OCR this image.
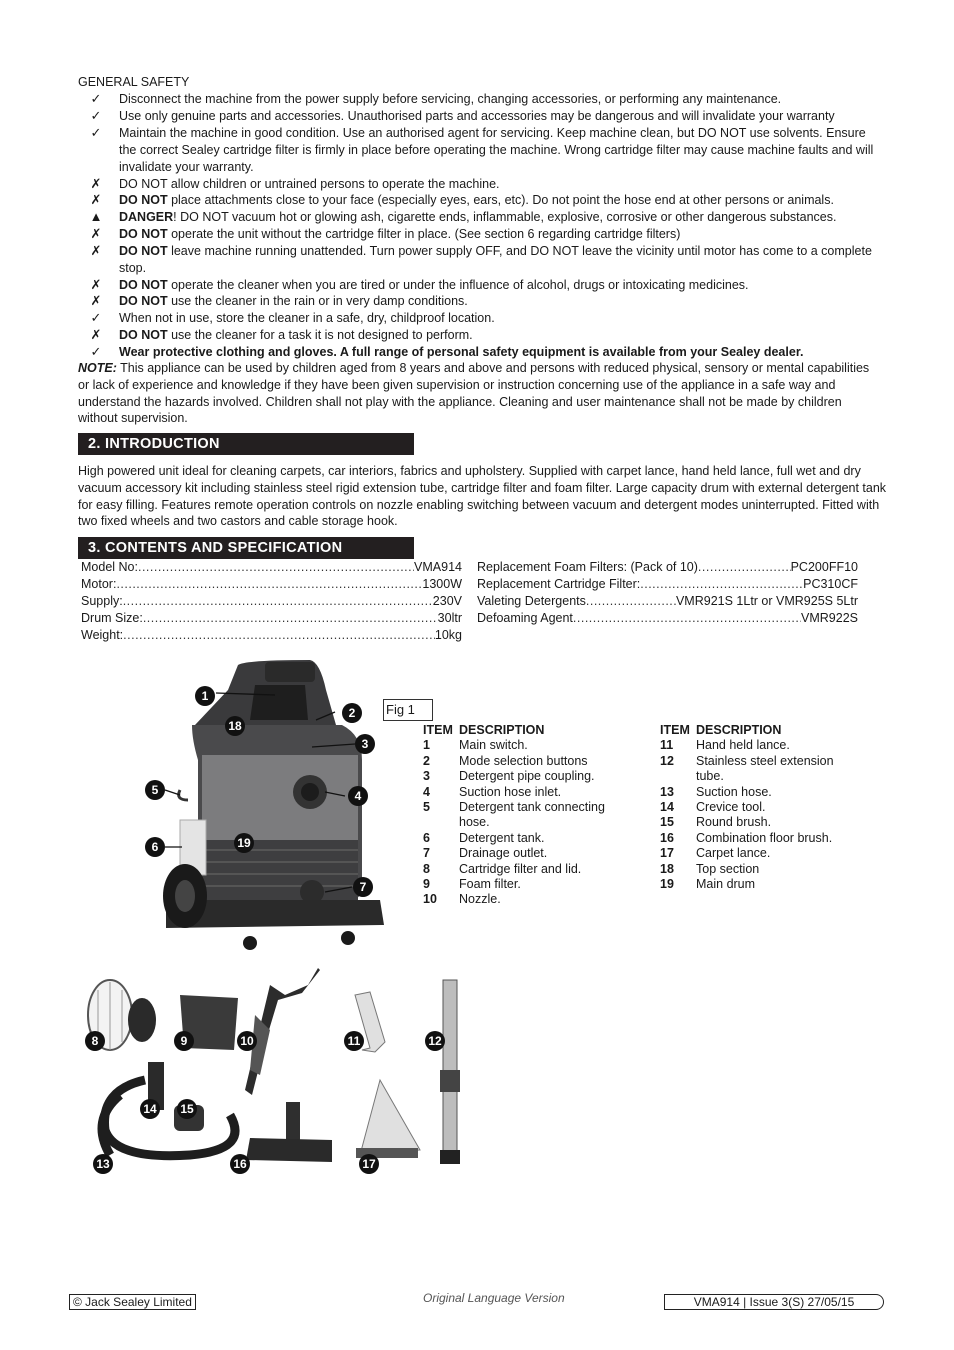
GENERAL SAFETY
✓ Disconnect the machine from the power supply before servicing, changing accessories, or performing any maintenance.
✓ Use only genuine parts and accessories. Unauthorised parts and accessories may be dangerous and will invalidate your warranty
✓ Maintain the machine in good condition. Use an authorised agent for servicing. Keep machine clean, but DO NOT use solvents. Ensure the correct Sealey cartridge filter is firmly in place before operating the machine. Wrong cartridge filter may cause machine faults and will invalidate your warranty.
✗ DO NOT allow children or untrained persons to operate the machine.
✗ DO NOT place attachments close to your face (especially eyes, ears, etc). Do not point the hose end at other persons or animals.
▲ DANGER! DO NOT vacuum hot or glowing ash, cigarette ends, inflammable, explosive, corrosive or other dangerous substances.
✗ DO NOT operate the unit without the cartridge filter in place. (See section 6 regarding cartridge filters)
✗ DO NOT leave machine running unattended. Turn power supply OFF, and DO NOT leave the vicinity until motor has come to a complete stop.
✗ DO NOT operate the cleaner when you are tired or under the influence of alcohol, drugs or intoxicating medicines.
✗ DO NOT use the cleaner in the rain or in very damp conditions.
✓ When not in use, store the cleaner in a safe, dry, childproof location.
✗ DO NOT use the cleaner for a task it is not designed to perform.
✓ Wear protective clothing and gloves. A full range of personal safety equipment is available from your Sealey dealer.
NOTE: This appliance can be used by children aged from 8 years and above and persons with reduced physical, sensory or mental capabilities or lack of experience and knowledge if they have been given supervision or instruction concerning use of the appliance in a safe way and understand the hazards involved. Children shall not play with the appliance. Cleaning and user maintenance shall not be made by children without supervision.
2. INTRODUCTION
High powered unit ideal for cleaning carpets, car interiors, fabrics and upholstery. Supplied with carpet lance, hand held lance, full wet and dry vacuum accessory kit including stainless steel rigid extension tube, cartridge filter and foam filter. Large capacity drum with external detergent tank for easy filling. Features remote operation controls on nozzle enabling switching between vacuum and detergent modes uninterrupted. Fitted with two fixed wheels and two castors and cable storage hook.
3. CONTENTS AND SPECIFICATION
Model No: .....	VMA914
Motor: .....	1300W
Supply: .....	230V
Drum Size: .....	30ltr
Weight: .....	10kg
Replacement Foam Filters: (Pack of 10) .....	PC200FF10
Replacement Cartridge Filter: .....	PC310CF
Valeting Detergents .....	VMR921S 1Ltr or VMR925S 5Ltr
Defoaming Agent .....	VMR922S
1
2
3
4
5
6
7
18
19
8	9	10	11	12
13
14 15
16	17
Fig 1
ITEM DESCRIPTION
1	Main switch.
2	Mode selection buttons
3	Detergent pipe coupling.
4	Suction hose inlet.
5	Detergent tank connecting hose.
6	Detergent tank.
7	Drainage outlet.
8	Cartridge filter and lid.
9	Foam filter.
10	Nozzle.
ITEM DESCRIPTION
11	Hand held lance.
12	Stainless steel extension tube.
13	Suction hose.
14	Crevice tool.
15	Round brush.
16	Combination floor brush.
17	Carpet lance.
18	Top section
19	Main drum
© Jack Sealey Limited	Original Language Version	VMA914 | Issue 3(S) 27/05/15
